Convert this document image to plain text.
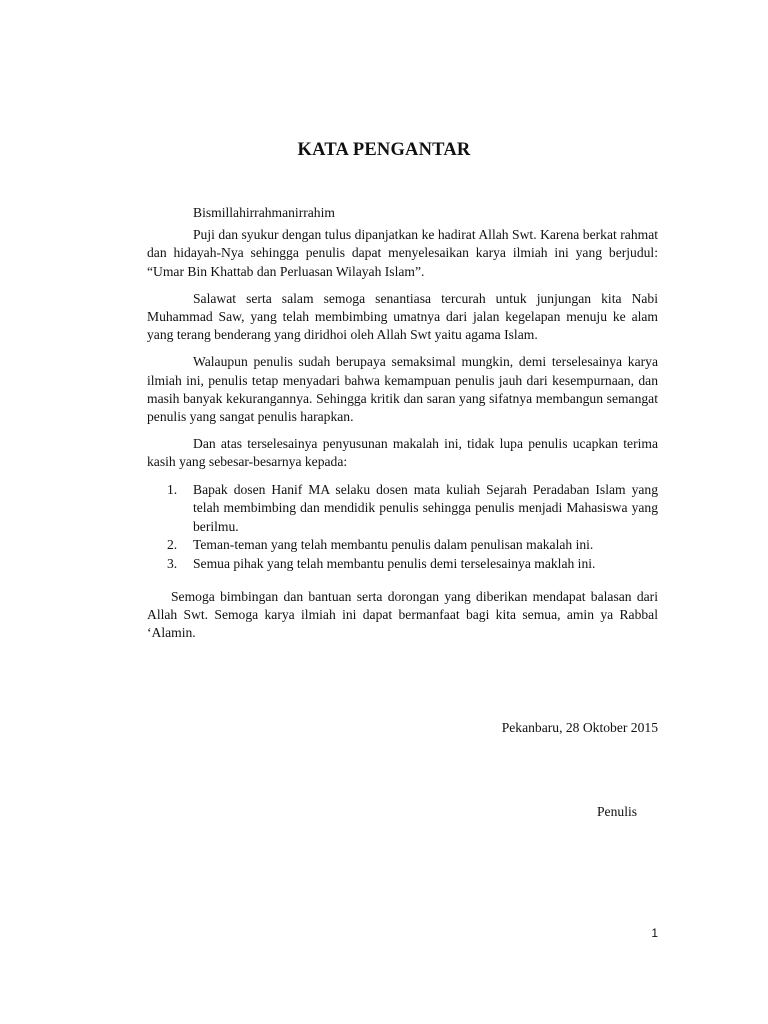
KATA PENGANTAR

Bismillahirrahmanirrahim

Puji dan syukur dengan tulus dipanjatkan ke hadirat Allah Swt. Karena berkat rahmat dan hidayah-Nya sehingga penulis dapat menyelesaikan karya ilmiah ini yang berjudul: “Umar Bin Khattab dan Perluasan Wilayah Islam”.

Salawat serta salam semoga senantiasa tercurah untuk junjungan kita Nabi Muhammad Saw, yang telah membimbing umatnya dari jalan kegelapan menuju ke alam yang terang benderang yang diridhoi oleh Allah Swt yaitu agama Islam.

Walaupun penulis sudah berupaya semaksimal mungkin, demi terselesainya karya ilmiah ini, penulis tetap menyadari bahwa kemampuan penulis jauh dari kesempurnaan, dan masih banyak kekurangannya. Sehingga kritik dan saran yang sifatnya membangun semangat penulis yang sangat penulis harapkan.

Dan atas terselesainya penyusunan makalah ini, tidak lupa penulis ucapkan terima kasih yang sebesar-besarnya kepada:

1. Bapak dosen Hanif MA selaku dosen mata kuliah Sejarah Peradaban Islam yang telah membimbing dan mendidik penulis sehingga penulis menjadi Mahasiswa yang berilmu.
2. Teman-teman yang telah membantu penulis dalam penulisan makalah ini.
3. Semua pihak yang telah membantu penulis demi terselesainya maklah ini.

Semoga bimbingan dan bantuan serta dorongan yang diberikan mendapat balasan dari Allah Swt. Semoga karya ilmiah ini dapat bermanfaat bagi kita semua, amin ya Rabbal ‘Alamin.

Pekanbaru, 28 Oktober 2015
Penulis
1
